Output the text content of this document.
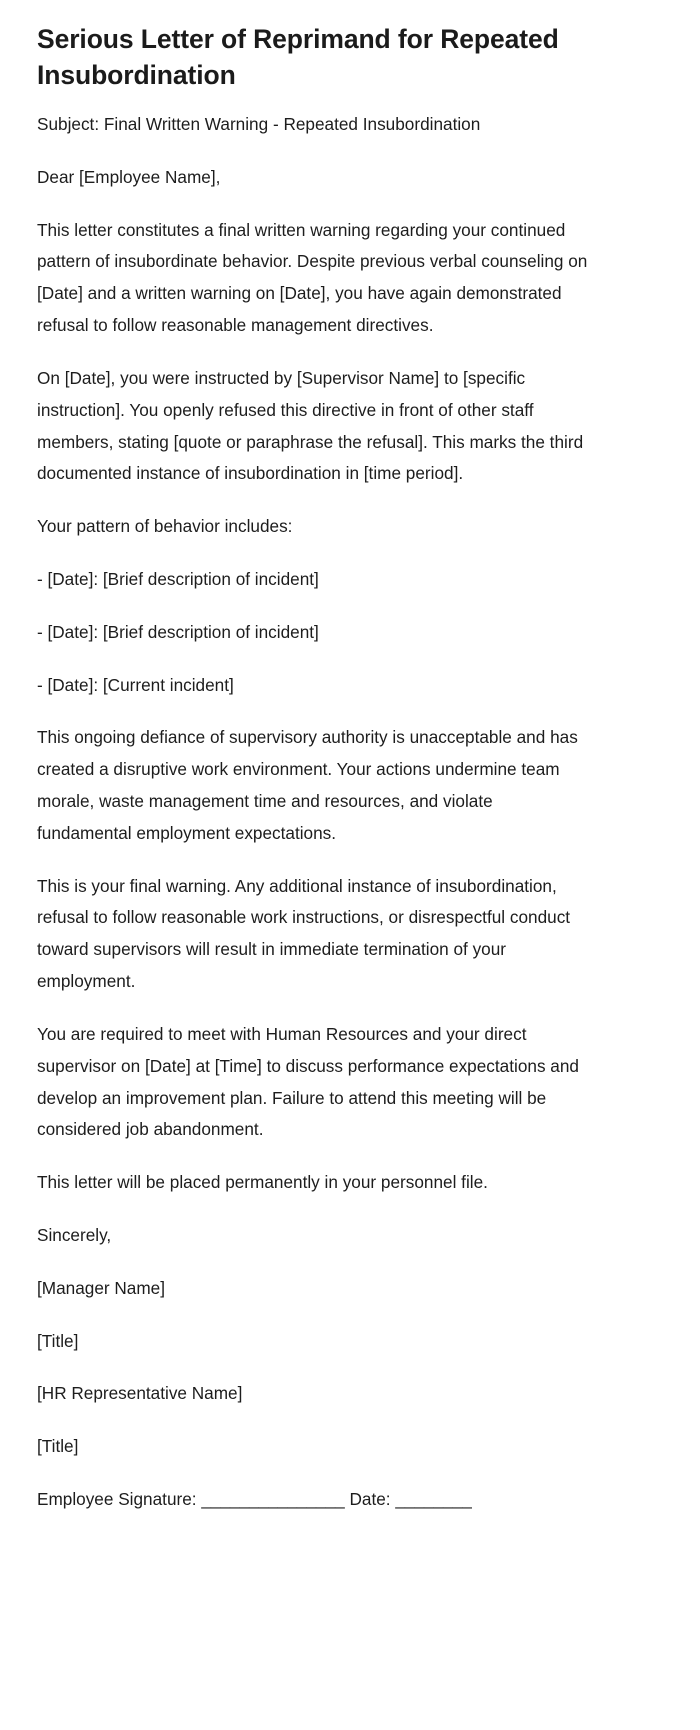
Serious Letter of Reprimand for Repeated Insubordination

Subject: Final Written Warning - Repeated Insubordination

Dear [Employee Name],

This letter constitutes a final written warning regarding your continued pattern of insubordinate behavior. Despite previous verbal counseling on [Date] and a written warning on [Date], you have again demonstrated refusal to follow reasonable management directives.

On [Date], you were instructed by [Supervisor Name] to [specific instruction]. You openly refused this directive in front of other staff members, stating [quote or paraphrase the refusal]. This marks the third documented instance of insubordination in [time period].

Your pattern of behavior includes:

- [Date]: [Brief description of incident]

- [Date]: [Brief description of incident]

- [Date]: [Current incident]

This ongoing defiance of supervisory authority is unacceptable and has created a disruptive work environment. Your actions undermine team morale, waste management time and resources, and violate fundamental employment expectations.

This is your final warning. Any additional instance of insubordination, refusal to follow reasonable work instructions, or disrespectful conduct toward supervisors will result in immediate termination of your employment.

You are required to meet with Human Resources and your direct supervisor on [Date] at [Time] to discuss performance expectations and develop an improvement plan. Failure to attend this meeting will be considered job abandonment.

This letter will be placed permanently in your personnel file.

Sincerely,

[Manager Name]

[Title]

[HR Representative Name]

[Title]

Employee Signature: _______________ Date: ________
